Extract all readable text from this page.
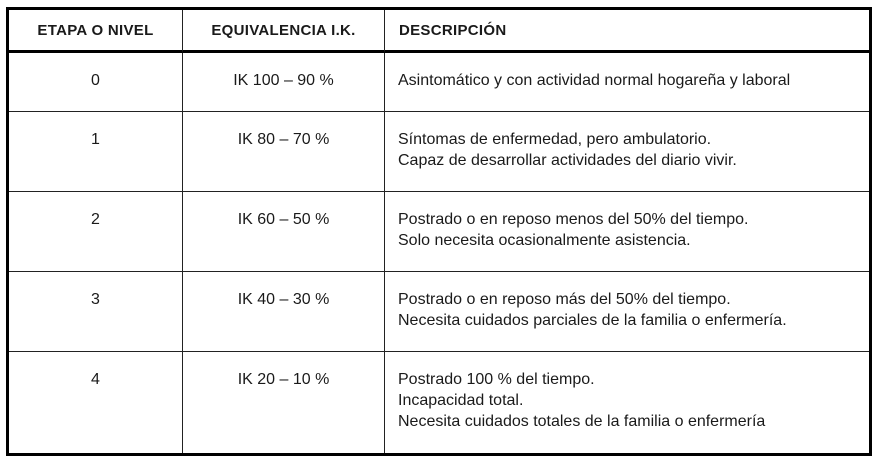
ETAPA O NIVEL	EQUIVALENCIA I.K.	DESCRIPCIÓN
0	IK 100 – 90 %	Asintomático y con actividad normal hogareña y laboral
1	IK 80 – 70 %	Síntomas de enfermedad, pero ambulatorio.
Capaz de desarrollar actividades del diario vivir.
2	IK 60 – 50 %	Postrado o en reposo menos del 50% del tiempo.
Solo necesita ocasionalmente asistencia.
3	IK 40 – 30 %	Postrado o en reposo más del 50% del tiempo.
Necesita cuidados parciales de la familia o enfermería.
4	IK 20 – 10 %	Postrado 100 % del tiempo.
Incapacidad total.
Necesita cuidados totales de la familia o enfermería
